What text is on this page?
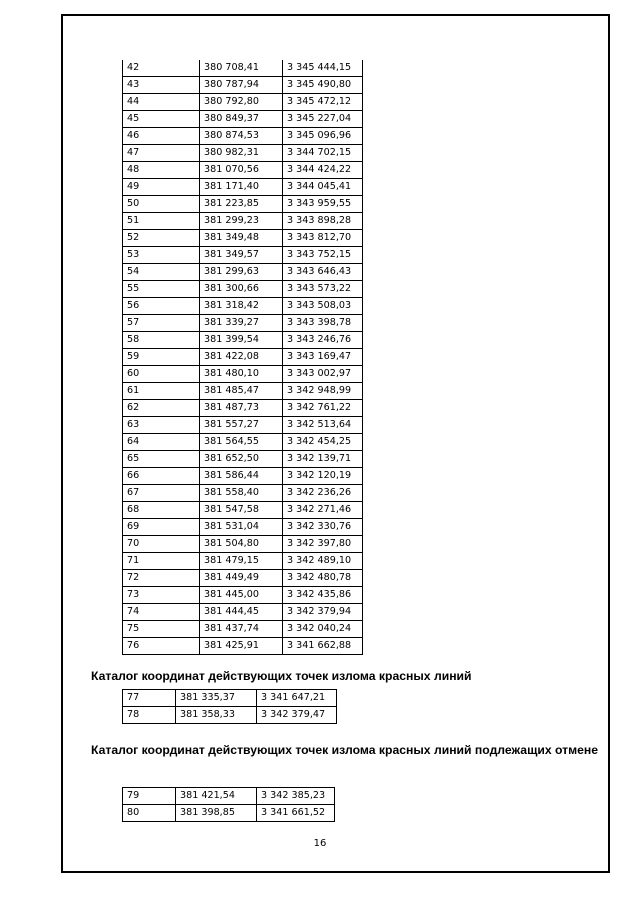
42	380 708,41	3 345 444,15
43	380 787,94	3 345 490,80
44	380 792,80	3 345 472,12
45	380 849,37	3 345 227,04
46	380 874,53	3 345 096,96
47	380 982,31	3 344 702,15
48	381 070,56	3 344 424,22
49	381 171,40	3 344 045,41
50	381 223,85	3 343 959,55
51	381 299,23	3 343 898,28
52	381 349,48	3 343 812,70
53	381 349,57	3 343 752,15
54	381 299,63	3 343 646,43
55	381 300,66	3 343 573,22
56	381 318,42	3 343 508,03
57	381 339,27	3 343 398,78
58	381 399,54	3 343 246,76
59	381 422,08	3 343 169,47
60	381 480,10	3 343 002,97
61	381 485,47	3 342 948,99
62	381 487,73	3 342 761,22
63	381 557,27	3 342 513,64
64	381 564,55	3 342 454,25
65	381 652,50	3 342 139,71
66	381 586,44	3 342 120,19
67	381 558,40	3 342 236,26
68	381 547,58	3 342 271,46
69	381 531,04	3 342 330,76
70	381 504,80	3 342 397,80
71	381 479,15	3 342 489,10
72	381 449,49	3 342 480,78
73	381 445,00	3 342 435,86
74	381 444,45	3 342 379,94
75	381 437,74	3 342 040,24
76	381 425,91	3 341 662,88
Каталог координат действующих точек излома красных линий
77	381 335,37	3 341 647,21
78	381 358,33	3 342 379,47
Каталог координат действующих точек излома красных линий подлежащих отмене
79	381 421,54	3 342 385,23
80	381 398,85	3 341 661,52
16
